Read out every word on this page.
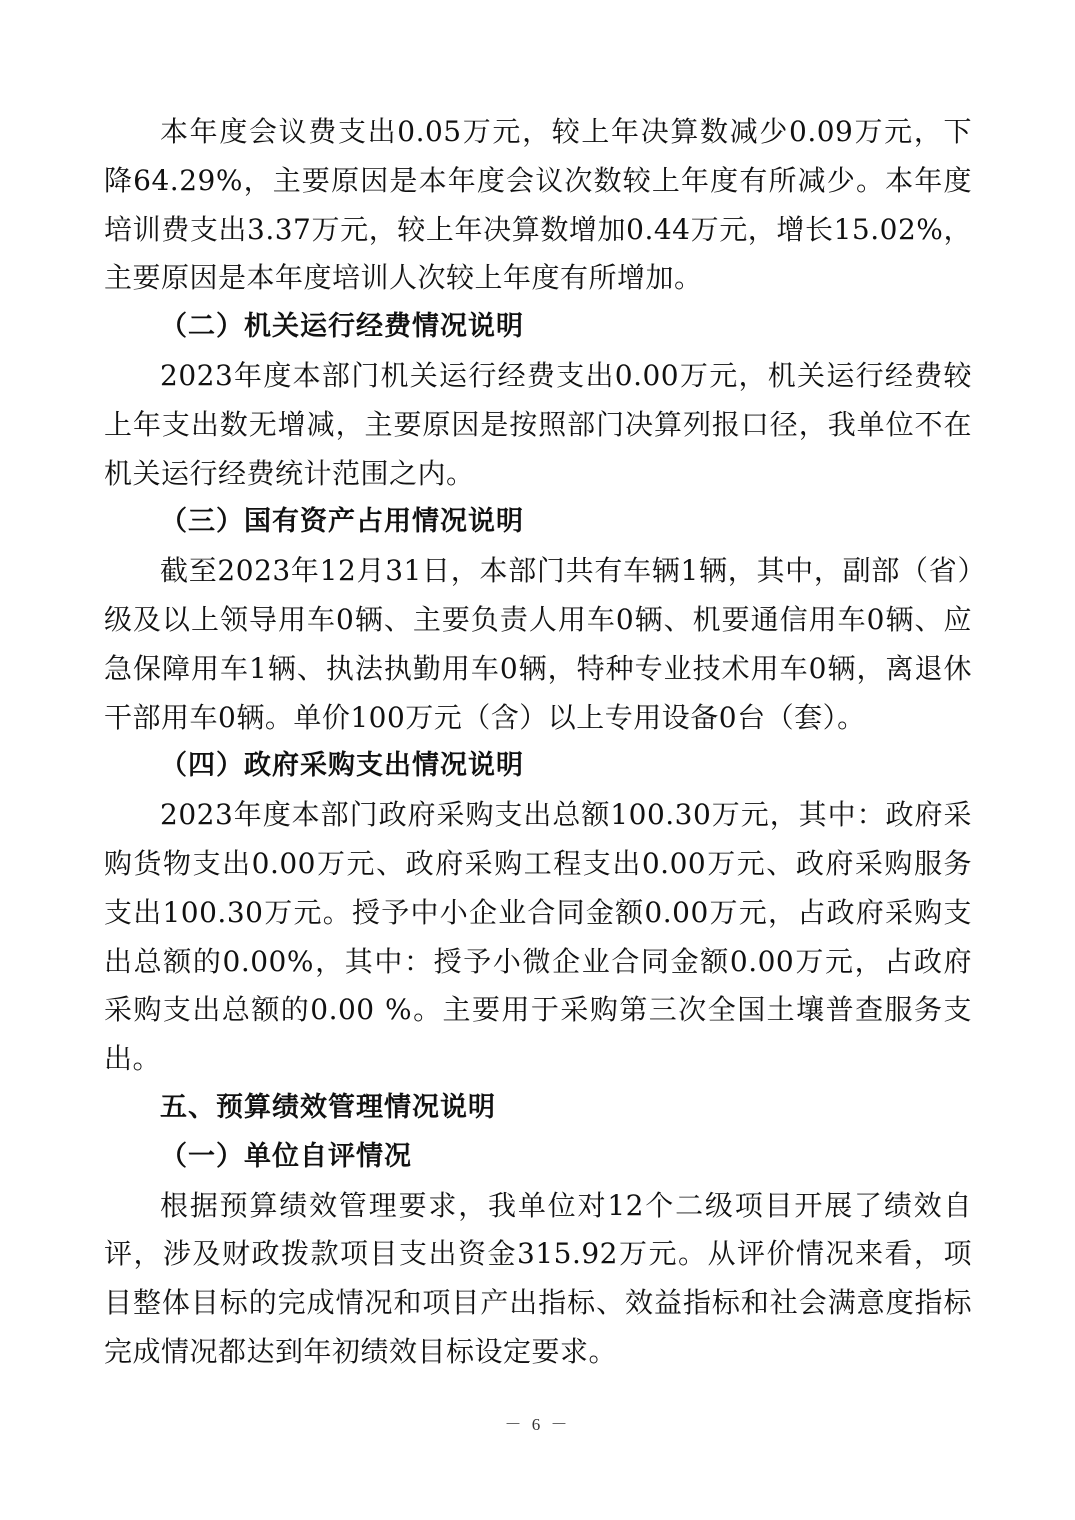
本年度会议费支出0.05万元，较上年决算数减少0.09万元，下降64.29%，主要原因是本年度会议次数较上年度有所减少。本年度培训费支出3.37万元，较上年决算数增加0.44万元，增长15.02%，主要原因是本年度培训人次较上年度有所增加。

（二）机关运行经费情况说明

2023年度本部门机关运行经费支出0.00万元，机关运行经费较上年支出数无增减，主要原因是按照部门决算列报口径，我单位不在机关运行经费统计范围之内。

（三）国有资产占用情况说明

截至2023年12月31日，本部门共有车辆1辆，其中，副部（省）级及以上领导用车0辆、主要负责人用车0辆、机要通信用车0辆、应急保障用车1辆、执法执勤用车0辆，特种专业技术用车0辆，离退休干部用车0辆。单价100万元（含）以上专用设备0台（套）。

（四）政府采购支出情况说明

2023年度本部门政府采购支出总额100.30万元，其中：政府采购货物支出0.00万元、政府采购工程支出0.00万元、政府采购服务支出100.30万元。授予中小企业合同金额0.00万元，占政府采购支出总额的0.00%，其中：授予小微企业合同金额0.00万元，占政府采购支出总额的0.00 %。主要用于采购第三次全国土壤普查服务支出。

五、预算绩效管理情况说明

（一）单位自评情况

根据预算绩效管理要求，我单位对12个二级项目开展了绩效自评，涉及财政拨款项目支出资金315.92万元。从评价情况来看，项目整体目标的完成情况和项目产出指标、效益指标和社会满意度指标完成情况都达到年初绩效目标设定要求。

－ 6 －
